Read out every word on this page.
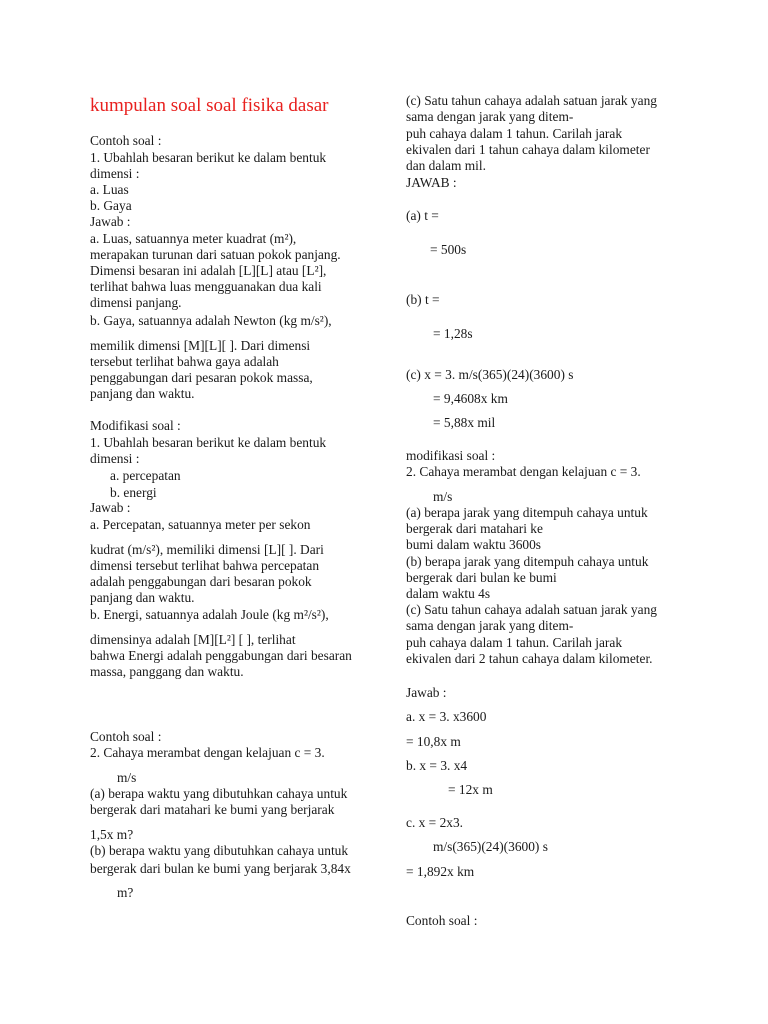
kumpulan soal soal fisika dasar
Contoh soal :
1. Ubahlah besaran berikut ke dalam bentuk
dimensi :
a. Luas
b. Gaya
Jawab :
a. Luas, satuannya meter kuadrat (m²),
merapakan turunan dari satuan pokok panjang.
Dimensi besaran ini adalah [L][L] atau [L²],
terlihat bahwa luas mengguanakan dua kali
dimensi panjang.
b. Gaya, satuannya adalah Newton (kg m/s²),
memilik dimensi [M][L][ ]. Dari dimensi
tersebut terlihat bahwa gaya adalah
penggabungan dari pesaran pokok massa,
panjang dan waktu.
Modifikasi soal :
1. Ubahlah besaran berikut ke dalam bentuk
dimensi :
a. percepatan
b. energi
Jawab :
a. Percepatan, satuannya meter per sekon
kudrat (m/s²), memiliki dimensi [L][ ]. Dari
dimensi tersebut terlihat bahwa percepatan
adalah penggabungan dari besaran pokok
panjang dan waktu.
b. Energi, satuannya adalah Joule (kg m²/s²),
dimensinya adalah [M][L²] [ ], terlihat
bahwa Energi adalah penggabungan dari besaran
massa, panggang dan waktu.
Contoh soal :
2. Cahaya merambat dengan kelajuan c = 3.
m/s
(a) berapa waktu yang dibutuhkan cahaya untuk
bergerak dari matahari ke bumi yang berjarak
1,5x m?
(b) berapa waktu yang dibutuhkan cahaya untuk
bergerak dari bulan ke bumi yang berjarak 3,84x
m?
(c) Satu tahun cahaya adalah satuan jarak yang
sama dengan jarak yang ditem-
puh cahaya dalam 1 tahun. Carilah jarak
ekivalen dari 1 tahun cahaya dalam kilometer
dan dalam mil.
JAWAB :
(a) t =
= 500s
(b) t =
= 1,28s
(c) x = 3. m/s(365)(24)(3600) s
= 9,4608x km
= 5,88x mil
modifikasi soal :
2. Cahaya merambat dengan kelajuan c = 3.
m/s
(a) berapa jarak yang ditempuh cahaya untuk
bergerak dari matahari ke
bumi dalam waktu 3600s
(b) berapa jarak yang ditempuh cahaya untuk
bergerak dari bulan ke bumi
dalam waktu 4s
(c) Satu tahun cahaya adalah satuan jarak yang
sama dengan jarak yang ditem-
puh cahaya dalam 1 tahun. Carilah jarak
ekivalen dari 2 tahun cahaya dalam kilometer.
Jawab :
a. x = 3. x3600
= 10,8x m
b. x = 3. x4
= 12x m
c. x = 2x3.
m/s(365)(24)(3600) s
= 1,892x km
Contoh soal :
